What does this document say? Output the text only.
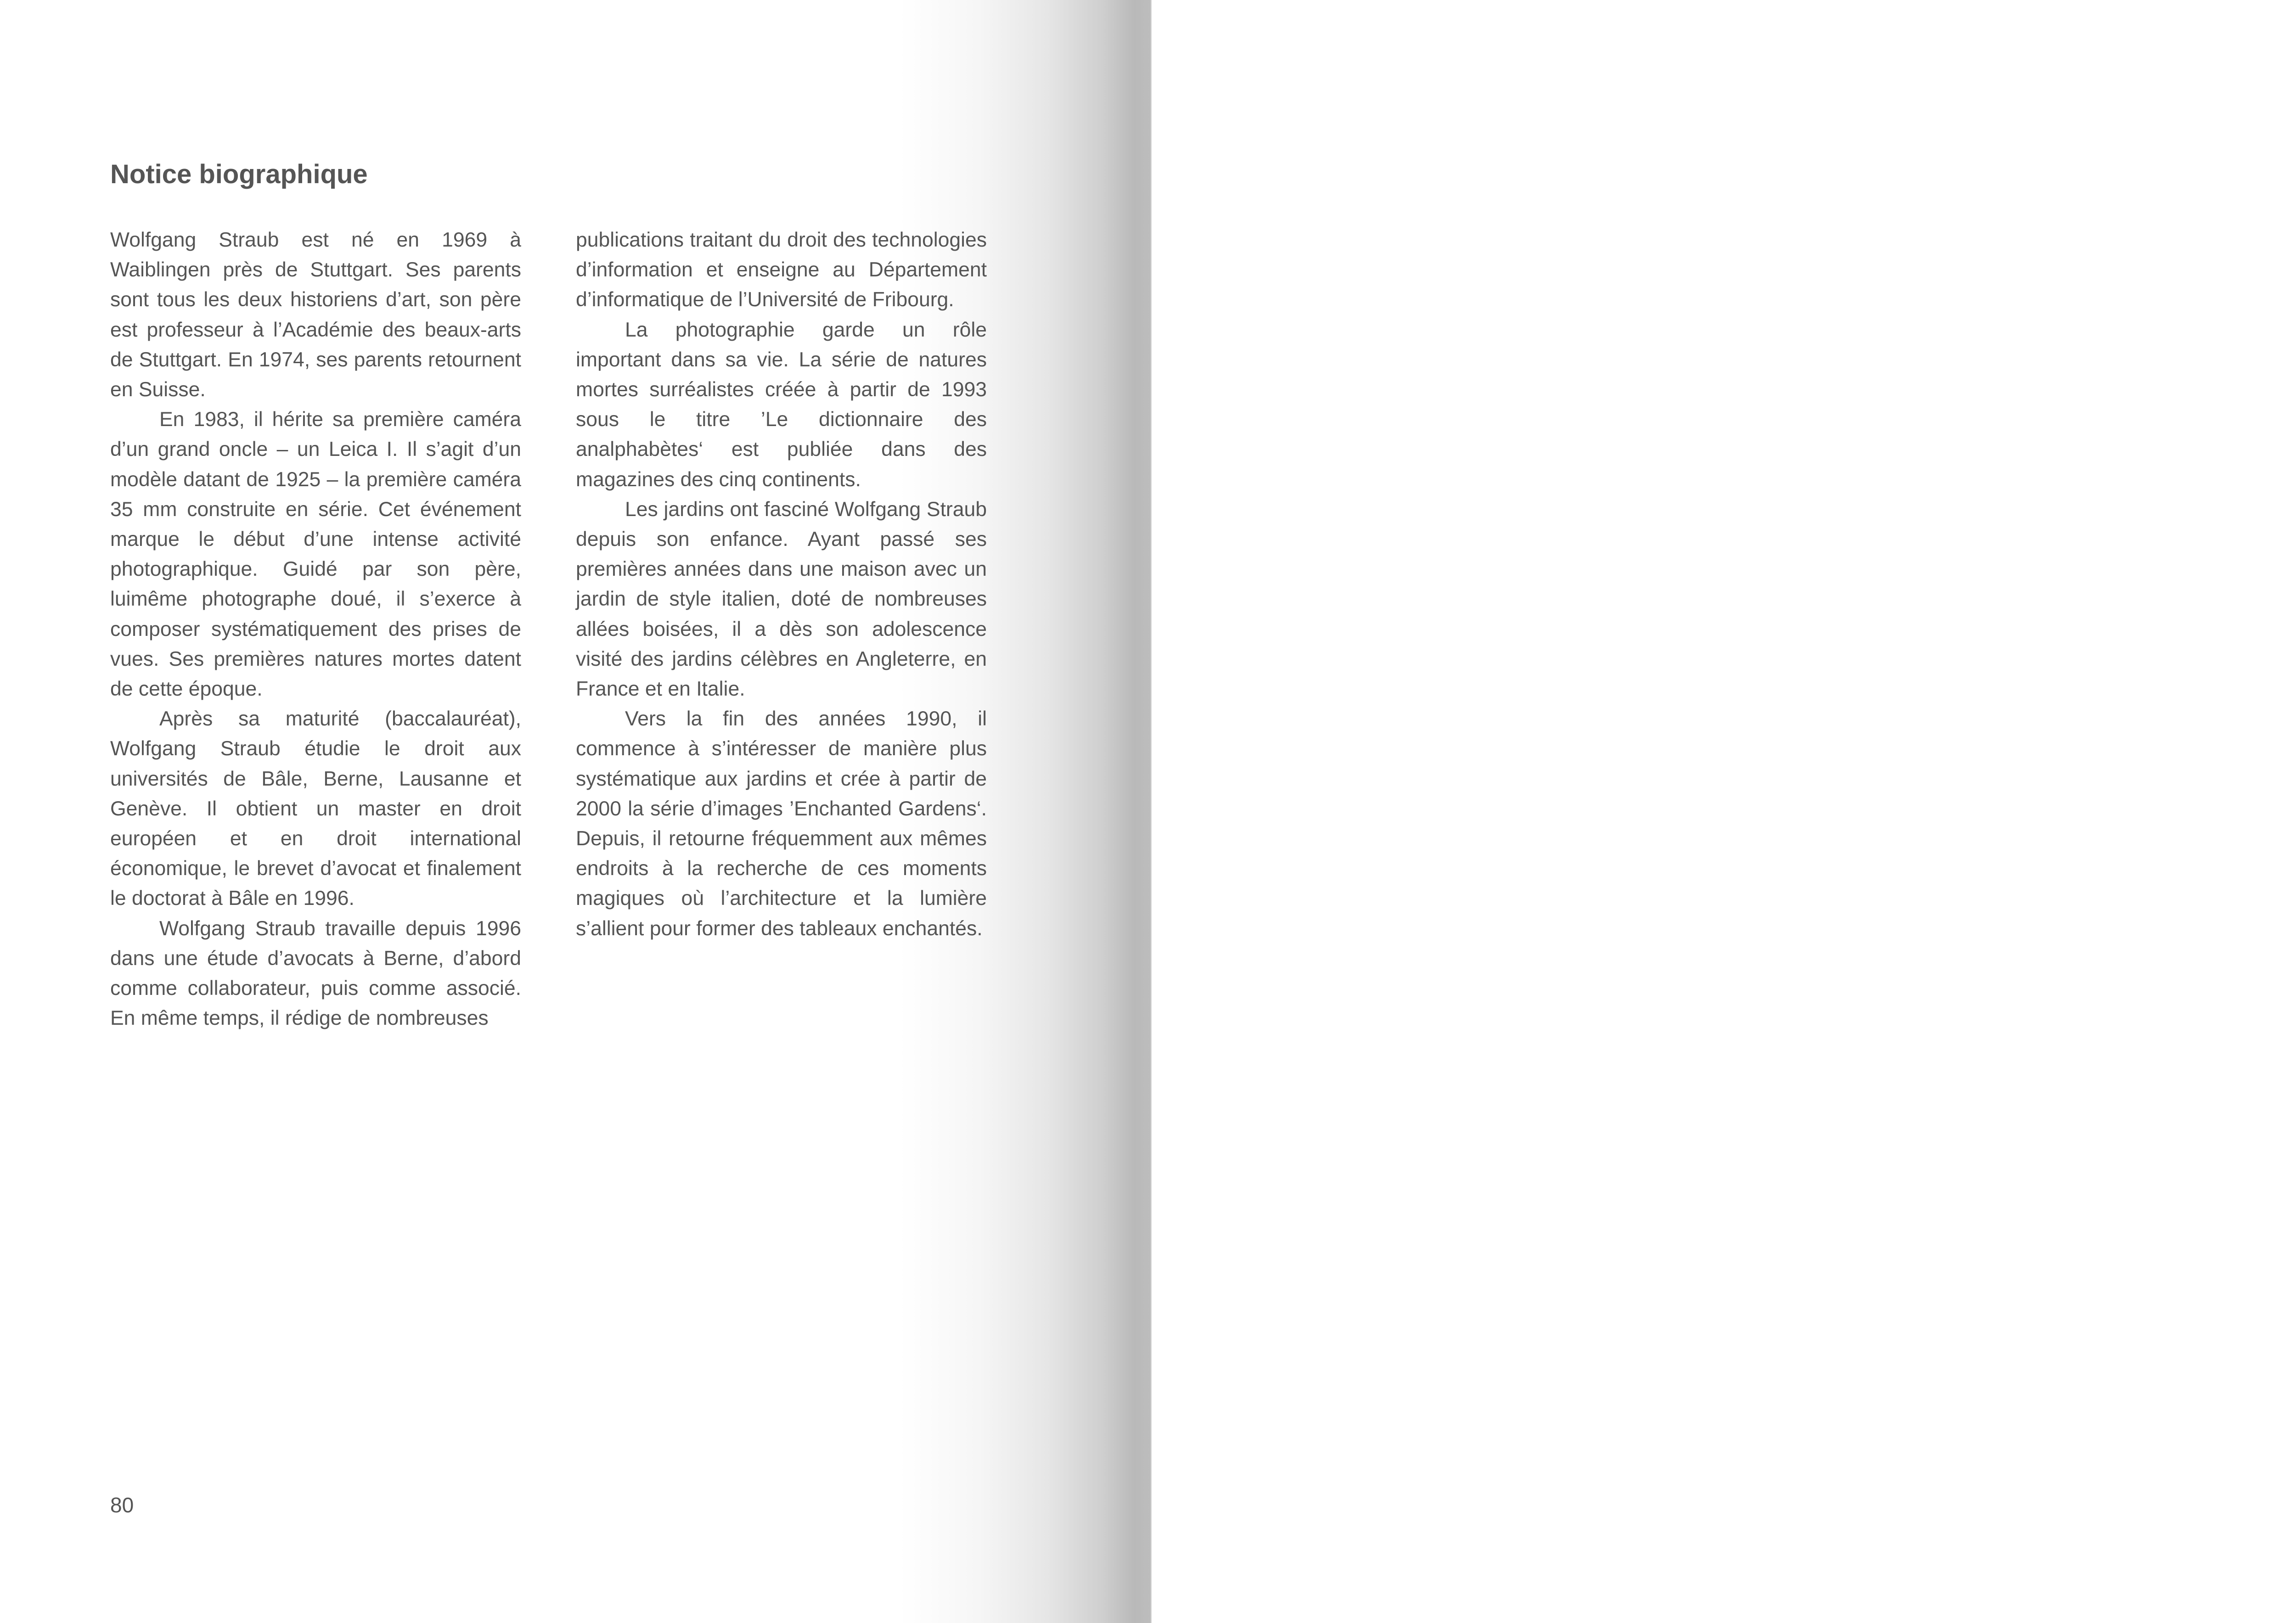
Notice biographique

Wolfgang Straub est né en 1969 à Waiblingen près de Stuttgart. Ses parents sont tous les deux historiens d’art, son père est professeur à l’Académie des beaux-arts de Stuttgart. En 1974, ses parents retournent en Suisse.

En 1983, il hérite sa première caméra d’un grand oncle – un Leica I. Il s’agit d’un modèle datant de 1925 – la première caméra 35 mm construite en série. Cet événement marque le début d’une intense activité photographique. Guidé par son père, luimême photographe doué, il s’exerce à composer systématiquement des prises de vues. Ses premières natures mortes datent de cette époque.

Après sa maturité (baccalauréat), Wolfgang Straub étudie le droit aux universités de Bâle, Berne, Lausanne et Genève. Il obtient un master en droit européen et en droit international économique, le brevet d’avocat et finalement le doctorat à Bâle en 1996.

Wolfgang Straub travaille depuis 1996 dans une étude d’avocats à Berne, d’abord comme collaborateur, puis comme associé. En même temps, il rédige de nombreuses

publications traitant du droit des technologies d’information et enseigne au Département d’informatique de l’Université de Fribourg.

La photographie garde un rôle important dans sa vie. La série de natures mortes surréalistes créée à partir de 1993 sous le titre ’Le dictionnaire des analphabètes‘ est publiée dans des magazines des cinq continents.

Les jardins ont fasciné Wolfgang Straub depuis son enfance. Ayant passé ses premières années dans une maison avec un jardin de style italien, doté de nombreuses allées boisées, il a dès son adolescence visité des jardins célèbres en Angleterre, en France et en Italie.

Vers la fin des années 1990, il commence à s’intéresser de manière plus systématique aux jardins et crée à partir de 2000 la série d’images ’Enchanted Gardens‘. Depuis, il retourne fréquemment aux mêmes endroits à la recherche de ces moments magiques où l’architecture et la lumière s’allient pour former des tableaux enchantés.

80
